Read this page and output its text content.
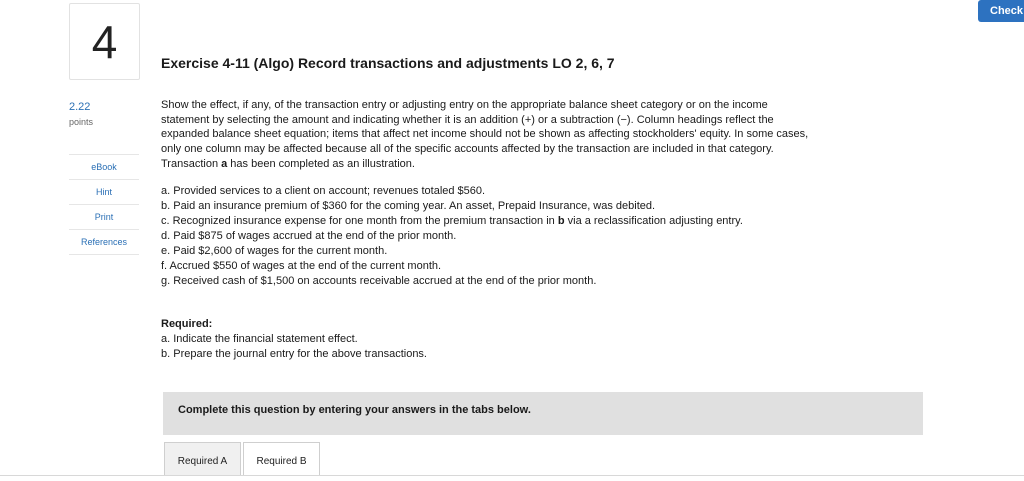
4
2.22
points
eBook
Hint
Print
References
Check
Exercise 4-11 (Algo) Record transactions and adjustments LO 2, 6, 7
Show the effect, if any, of the transaction entry or adjusting entry on the appropriate balance sheet category or on the income
statement by selecting the amount and indicating whether it is an addition (+) or a subtraction (−). Column headings reflect the
expanded balance sheet equation; items that affect net income should not be shown as affecting stockholders' equity. In some cases,
only one column may be affected because all of the specific accounts affected by the transaction are included in that category.
Transaction a has been completed as an illustration.
a. Provided services to a client on account; revenues totaled $560.
b. Paid an insurance premium of $360 for the coming year. An asset, Prepaid Insurance, was debited.
c. Recognized insurance expense for one month from the premium transaction in b via a reclassification adjusting entry.
d. Paid $875 of wages accrued at the end of the prior month.
e. Paid $2,600 of wages for the current month.
f. Accrued $550 of wages at the end of the current month.
g. Received cash of $1,500 on accounts receivable accrued at the end of the prior month.
Required:
a. Indicate the financial statement effect.
b. Prepare the journal entry for the above transactions.
Complete this question by entering your answers in the tabs below.
Required A	Required B
